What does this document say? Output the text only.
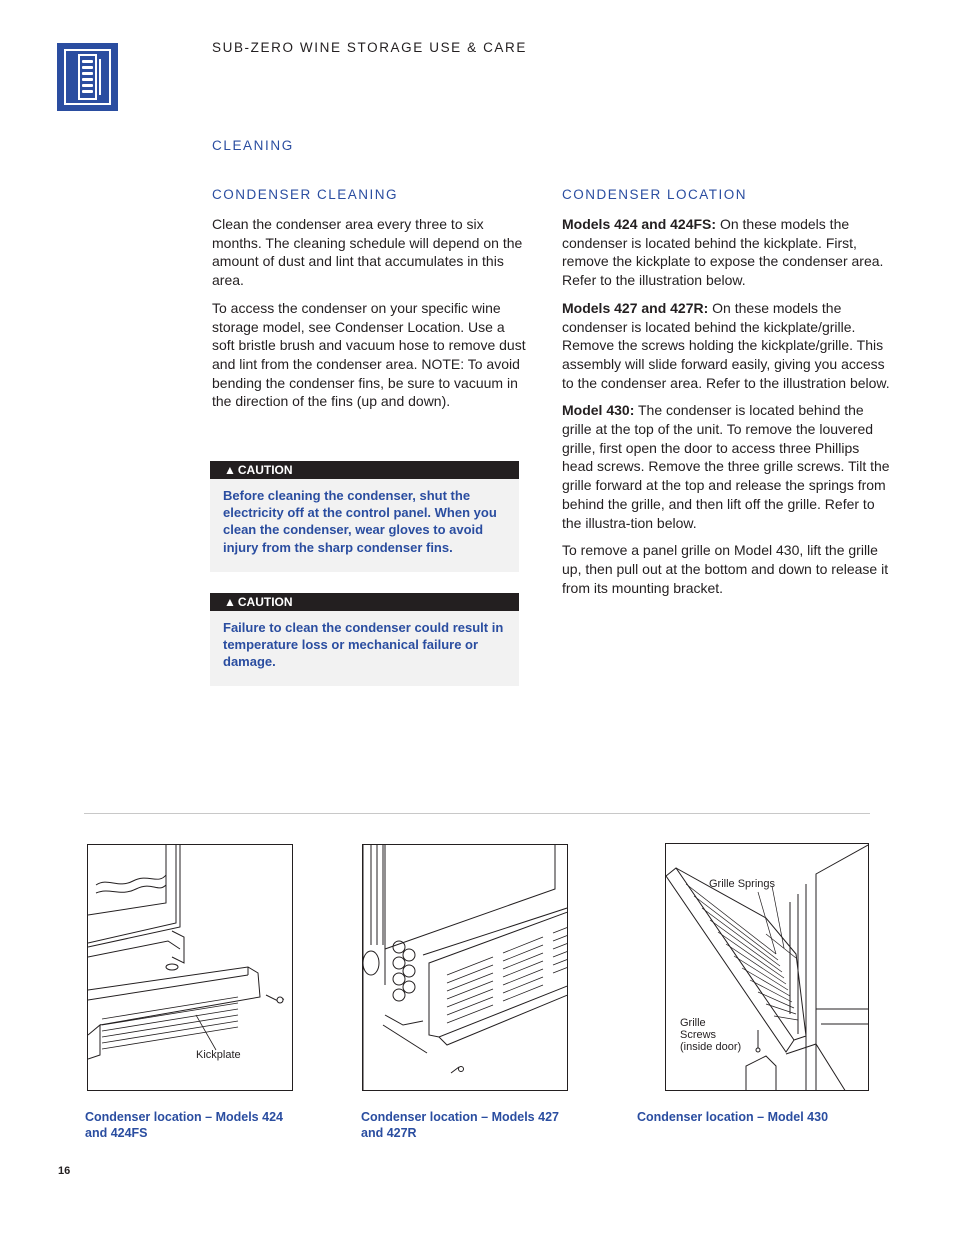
SUB-ZERO WINE STORAGE USE & CARE
CLEANING
CONDENSER CLEANING

Clean the condenser area every three to six months. The cleaning schedule will depend on the amount of dust and lint that accumulates in this area.

To access the condenser on your specific wine storage model, see Condenser Location. Use a soft bristle brush and vacuum hose to remove dust and lint from the condenser area. NOTE: To avoid bending the condenser fins, be sure to vacuum in the direction of the fins (up and down).

▲ CAUTION
Before cleaning the condenser, shut the electricity off at the control panel. When you clean the condenser, wear gloves to avoid injury from the sharp condenser fins.
▲ CAUTION
Failure to clean the condenser could result in temperature loss or mechanical failure or damage.
CONDENSER LOCATION

Models 424 and 424FS: On these models the condenser is located behind the kickplate. First, remove the kickplate to expose the condenser area. Refer to the illustration below.

Models 427 and 427R: On these models the condenser is located behind the kickplate/grille. Remove the screws holding the kickplate/grille. This assembly will slide forward easily, giving you access to the condenser area. Refer to the illustration below.

Model 430: The condenser is located behind the grille at the top of the unit. To remove the louvered grille, first open the door to access three Phillips head screws. Remove the three grille screws. Tilt the grille forward at the top and release the springs from behind the grille, and then lift off the grille. Refer to the illustra-tion below.

To remove a panel grille on Model 430, lift the grille up, then pull out at the bottom and down to release it from its mounting bracket.

Kickplate
Grille Springs
Grille
Screws
(inside door)
Condenser location – Models 424 and 424FS
Condenser location – Models 427 and 427R
Condenser location – Model 430
16
